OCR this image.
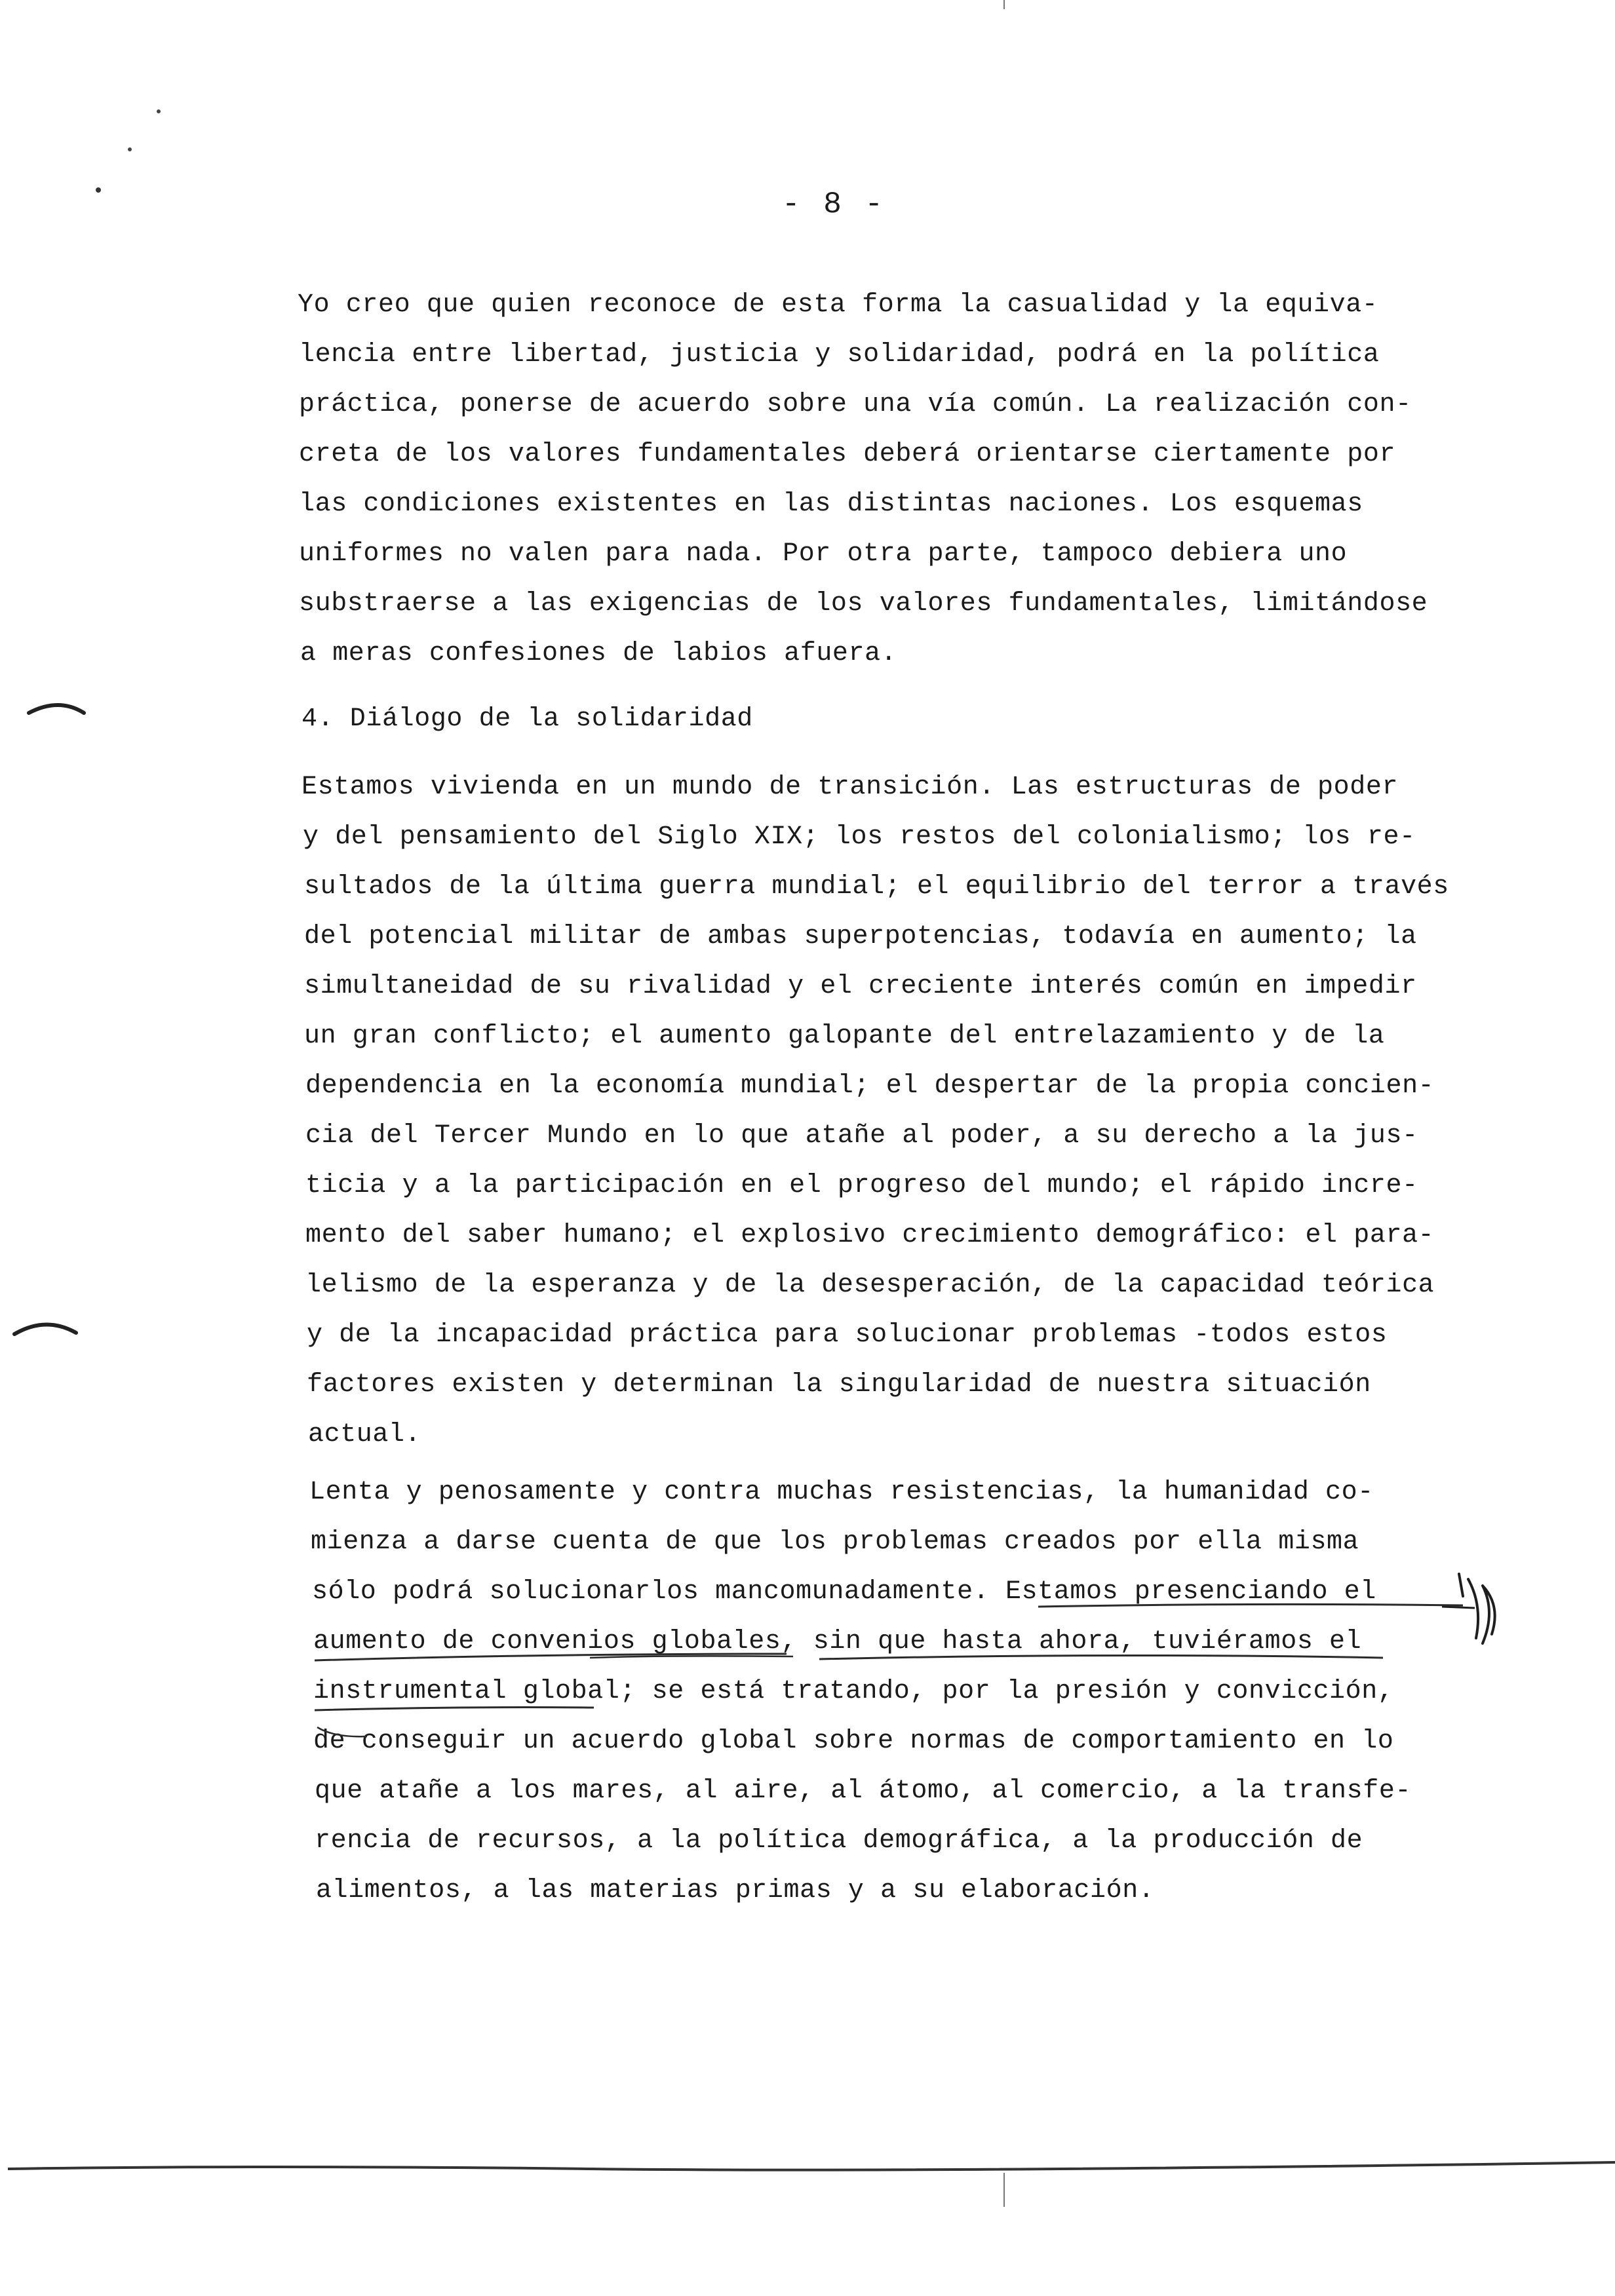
- 8 -
Yo creo que quien reconoce de esta forma la casualidad y la equiva-
lencia entre libertad, justicia y solidaridad, podrá en la política
práctica, ponerse de acuerdo sobre una vía común. La realización con-
creta de los valores fundamentales deberá orientarse ciertamente por
las condiciones existentes en las distintas naciones. Los esquemas
uniformes no valen para nada. Por otra parte, tampoco debiera uno
substraerse a las exigencias de los valores fundamentales, limitándose
a meras confesiones de labios afuera.
4. Diálogo de la solidaridad
Estamos vivienda en un mundo de transición. Las estructuras de poder
y del pensamiento del Siglo XIX; los restos del colonialismo; los re-
sultados de la última guerra mundial; el equilibrio del terror a través
del potencial militar de ambas superpotencias, todavía en aumento; la
simultaneidad de su rivalidad y el creciente interés común en impedir
un gran conflicto; el aumento galopante del entrelazamiento y de la
dependencia en la economía mundial; el despertar de la propia concien-
cia del Tercer Mundo en lo que atañe al poder, a su derecho a la jus-
ticia y a la participación en el progreso del mundo; el rápido incre-
mento del saber humano; el explosivo crecimiento demográfico: el para-
lelismo de la esperanza y de la desesperación, de la capacidad teórica
y de la incapacidad práctica para solucionar problemas -todos estos
factores existen y determinan la singularidad de nuestra situación
actual.
Lenta y penosamente y contra muchas resistencias, la humanidad co-
mienza a darse cuenta de que los problemas creados por ella misma
sólo podrá solucionarlos mancomunadamente. Estamos presenciando el
aumento de convenios globales, sin que hasta ahora, tuviéramos el
instrumental global; se está tratando, por la presión y convicción,
de conseguir un acuerdo global sobre normas de comportamiento en lo
que atañe a los mares, al aire, al átomo, al comercio, a la transfe-
rencia de recursos, a la política demográfica, a la producción de
alimentos, a las materias primas y a su elaboración.
